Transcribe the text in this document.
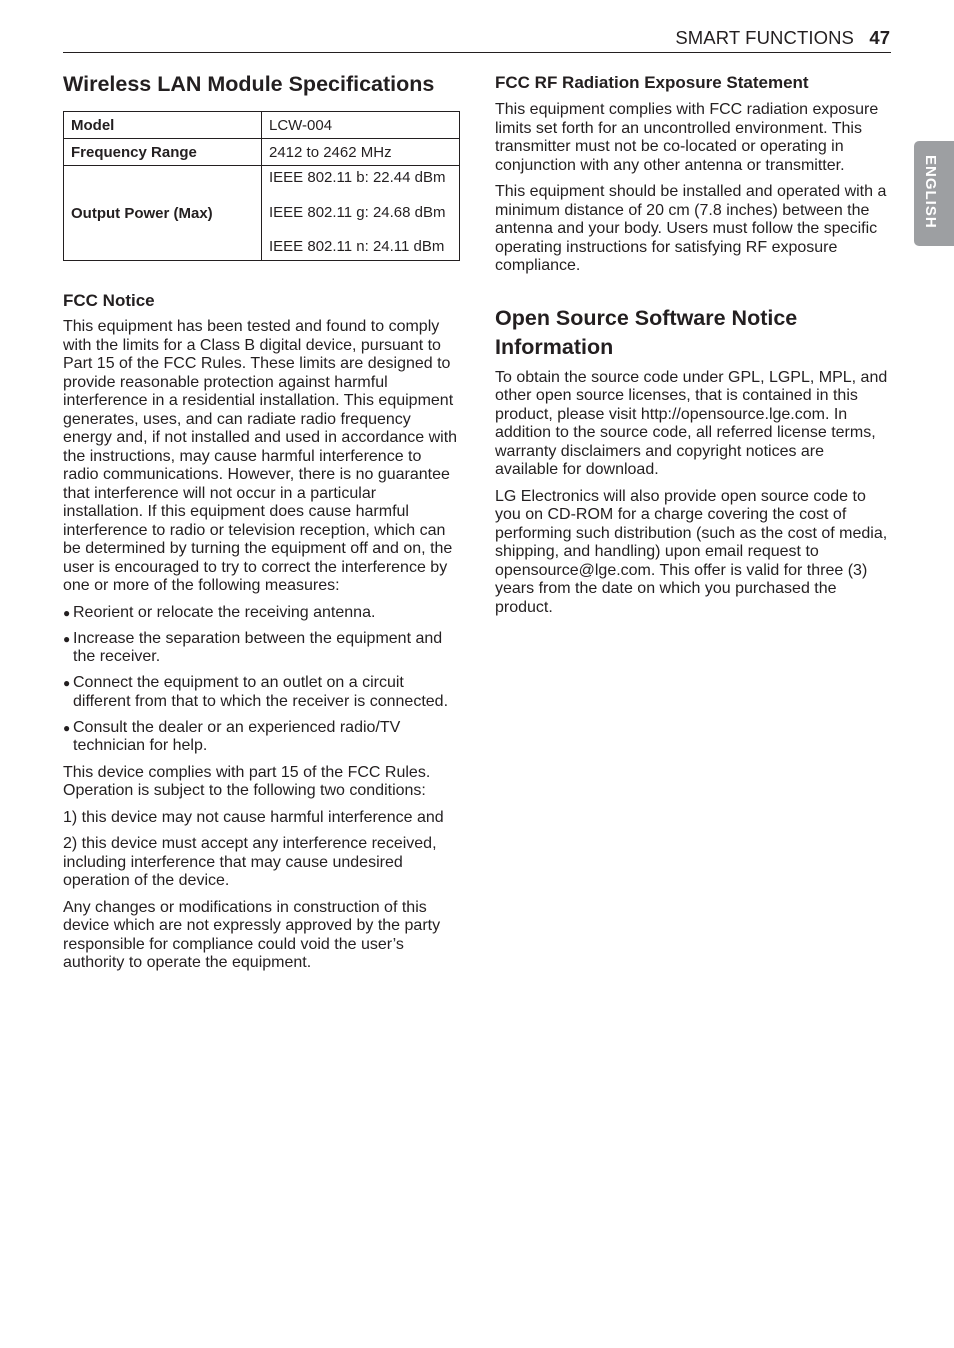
SMART FUNCTIONS 47
ENGLISH
Wireless LAN Module Specifications
Model	LCW-004
Frequency Range	2412 to 2462 MHz
Output Power (Max)	IEEE 802.11 b: 22.44 dBm
IEEE 802.11 g: 24.68 dBm
IEEE 802.11 n: 24.11 dBm
FCC Notice

This equipment has been tested and found to comply with the limits for a Class B digital device, pursuant to Part 15 of the FCC Rules. These limits are designed to provide reasonable protection against harmful interference in a residential installation. This equipment generates, uses, and can radiate radio frequency energy and, if not installed and used in accordance with the instructions, may cause harmful interference to radio communications. However, there is no guarantee that interference will not occur in a particular installation. If this equipment does cause harmful interference to radio or television reception, which can be determined by turning the equipment off and on, the user is encouraged to try to correct the interference by one or more of the following measures:

● Reorient or relocate the receiving antenna.
● Increase the separation between the equipment and the receiver.
● Connect the equipment to an outlet on a circuit different from that to which the receiver is connected.
● Consult the dealer or an experienced radio/TV technician for help.

This device complies with part 15 of the FCC Rules. Operation is subject to the following two conditions:

1) this device may not cause harmful interference and

2) this device must accept any interference received, including interference that may cause undesired operation of the device.

Any changes or modifications in construction of this device which are not expressly approved by the party responsible for compliance could void the user’s authority to operate the equipment.

FCC RF Radiation Exposure Statement

This equipment complies with FCC radiation exposure limits set forth for an uncontrolled environment. This transmitter must not be co-located or operating in conjunction with any other antenna or transmitter.

This equipment should be installed and operated with a minimum distance of 20 cm (7.8 inches) between the antenna and your body. Users must follow the specific operating instructions for satisfying RF exposure compliance.

Open Source Software Notice Information

To obtain the source code under GPL, LGPL, MPL, and other open source licenses, that is contained in this product, please visit http://opensource.lge.com. In addition to the source code, all referred license terms, warranty disclaimers and copyright notices are available for download.

LG Electronics will also provide open source code to you on CD-ROM for a charge covering the cost of performing such distribution (such as the cost of media, shipping, and handling) upon email request to opensource@lge.com. This offer is valid for three (3) years from the date on which you purchased the product.
